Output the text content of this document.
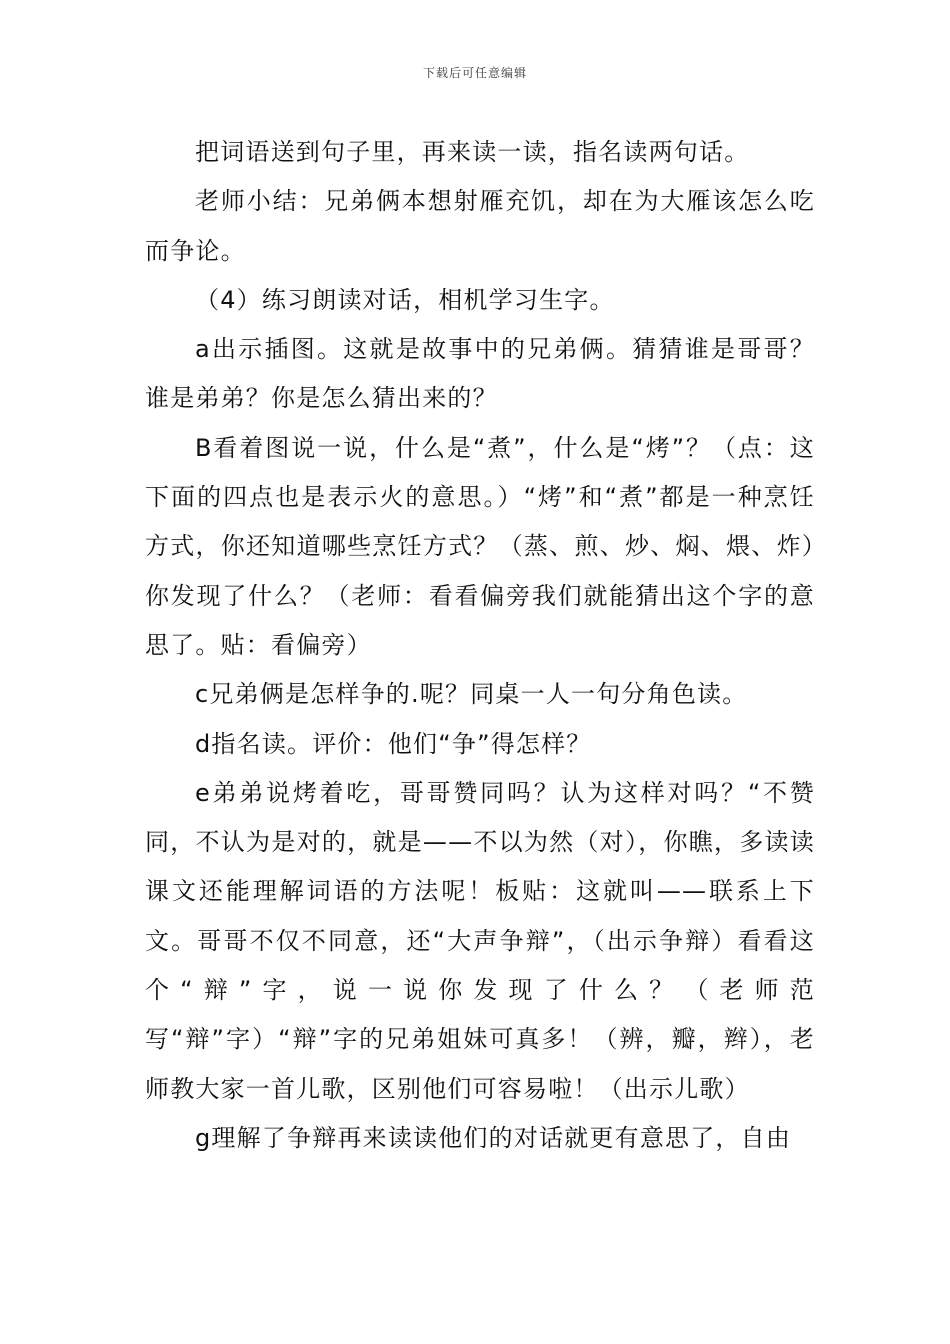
下载后可任意编辑

把词语送到句子里，再来读一读，指名读两句话。

老师小结：兄弟俩本想射雁充饥，却在为大雁该怎么吃而争论。

（4）练习朗读对话，相机学习生字。

a出示插图。这就是故事中的兄弟俩。猜猜谁是哥哥？谁是弟弟？你是怎么猜出来的？

B看着图说一说，什么是“煮”，什么是“烤”？（点：这下面的四点也是表示火的意思。）“烤”和“煮”都是一种烹饪方式，你还知道哪些烹饪方式？（蒸、煎、炒、焖、煨、炸）你发现了什么？（老师：看看偏旁我们就能猜出这个字的意思了。贴：看偏旁）

c兄弟俩是怎样争的.呢？同桌一人一句分角色读。

d指名读。评价：他们“争”得怎样？

e弟弟说烤着吃，哥哥赞同吗？认为这样对吗？“不赞同，不认为是对的，就是——不以为然（对），你瞧，多读读课文还能理解词语的方法呢！板贴：这就叫——联系上下文。哥哥不仅不同意，还“大声争辩”，（出示争辩）看看这个“辩”字，说一说你发现了什么？（老师范写“辩”字）“辩”字的兄弟姐妹可真多！（辨，瓣，辫），老师教大家一首儿歌，区别他们可容易啦！（出示儿歌）

g理解了争辩再来读读他们的对话就更有意思了，自由
